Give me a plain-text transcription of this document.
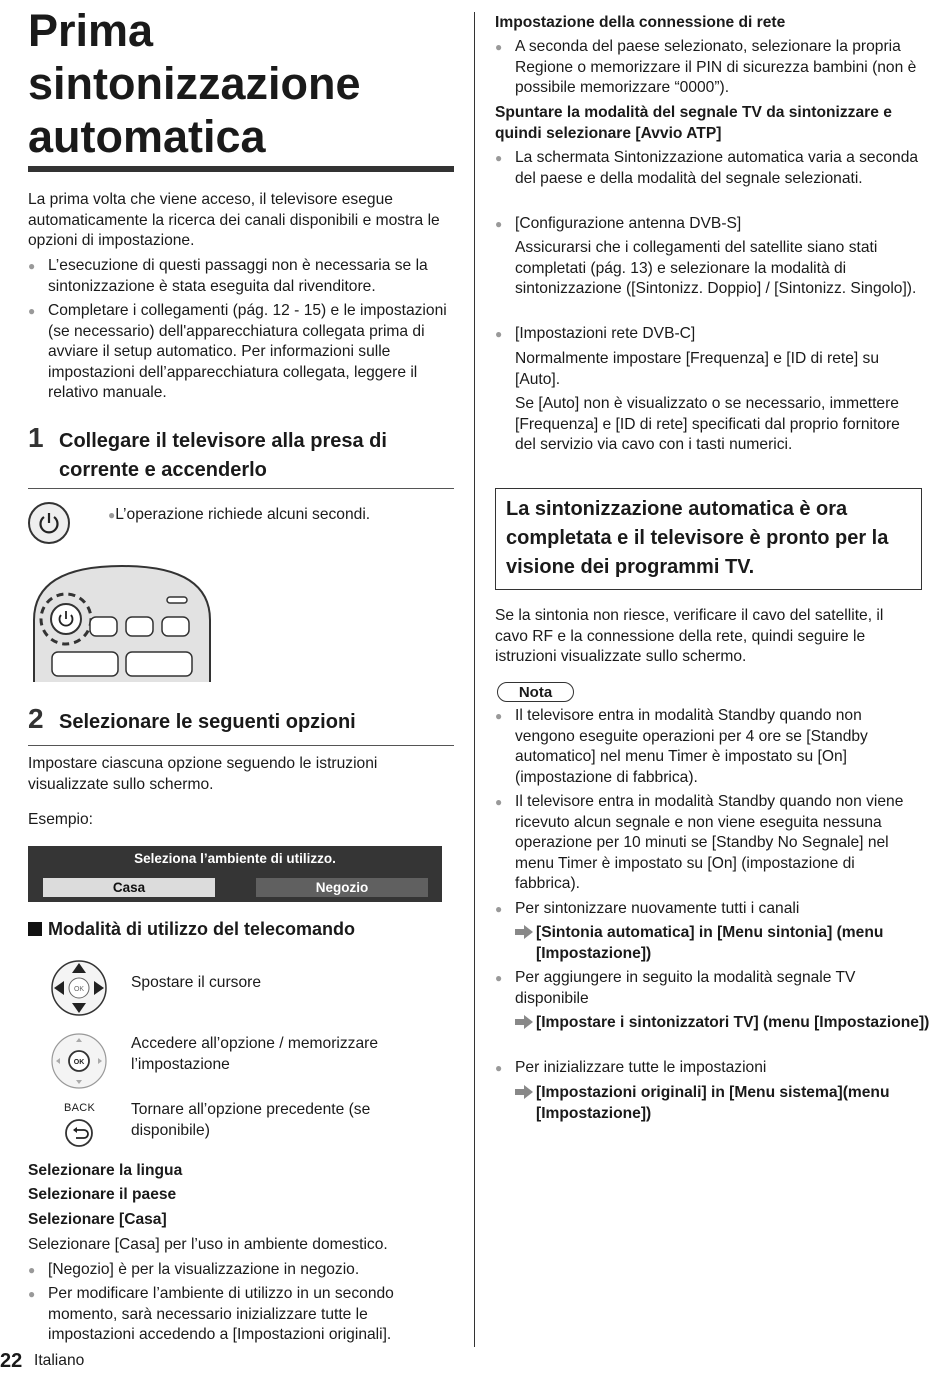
Prima
sintonizzazione
automatica

La prima volta che viene acceso, il televisore esegue automaticamente la ricerca dei canali disponibili e mostra le opzioni di impostazione.

● L’esecuzione di questi passaggi non è necessaria se la sintonizzazione è stata eseguita dal rivenditore.

● Completare i collegamenti (pág. 12 - 15) e le impostazioni (se necessario) dell'apparecchiatura collegata prima di avviare il setup automatico. Per informazioni sulle impostazioni dell’apparecchiatura collegata, leggere il relativo manuale.

1 Collegare il televisore alla presa di
corrente e accenderlo

●L’operazione richiede alcuni secondi.

2 Selezionare le seguenti opzioni

Impostare ciascuna opzione seguendo le istruzioni visualizzate sullo schermo.

Esempio:

Seleziona l’ambiente di utilizzo.
Casa	Negozio
Modalità di utilizzo del telecomando
OK	Spostare il cursore
OK
Accedere all’opzione / memorizzare l’impostazione
BACK Tornare all’opzione precedente (se disponibile)

Selezionare la lingua

Selezionare il paese

Selezionare [Casa]

Selezionare [Casa] per l’uso in ambiente domestico.

● [Negozio] è per la visualizzazione in negozio.

● Per modificare l’ambiente di utilizzo in un secondo momento, sarà necessario inizializzare tutte le impostazioni accedendo a [Impostazioni originali].

Impostazione della connessione di rete

● A seconda del paese selezionato, selezionare la propria Regione o memorizzare il PIN di sicurezza bambini (non è possibile memorizzare “0000”).

Spuntare la modalità del segnale TV da sintonizzare e quindi selezionare [Avvio ATP]

● La schermata Sintonizzazione automatica varia a seconda del paese e della modalità del segnale selezionati.

● [Configurazione antenna DVB-S]

Assicurarsi che i collegamenti del satellite siano stati completati (pág. 13) e selezionare la modalità di sintonizzazione ([Sintonizz. Doppio] / [Sintonizz. Singolo]).

● [Impostazioni rete DVB-C]

Normalmente impostare [Frequenza] e [ID di rete] su [Auto].

Se [Auto] non è visualizzato o se necessario, immettere [Frequenza] e [ID di rete] specificati dal proprio fornitore del servizio via cavo con i tasti numerici.

La sintonizzazione automatica è ora completata e il televisore è pronto per la visione dei programmi TV.

Se la sintonia non riesce, verificare il cavo del satellite, il cavo RF e la connessione della rete, quindi seguire le istruzioni visualizzate sullo schermo.

Nota

● Il televisore entra in modalità Standby quando non vengono eseguite operazioni per 4 ore se [Standby automatico] nel menu Timer è impostato su [On] (impostazione di fabbrica).

● Il televisore entra in modalità Standby quando non viene ricevuto alcun segnale e non viene eseguita nessuna operazione per 10 minuti se [Standby No Segnale] nel menu Timer è impostato su [On] (impostazione di fabbrica).

● Per sintonizzare nuovamente tutti i canali

[Sintonia automatica] in [Menu sintonia] (menu [Impostazione])

● Per aggiungere in seguito la modalità segnale TV disponibile

[Impostare i sintonizzatori TV] (menu [Impostazione])

● Per inizializzare tutte le impostazioni

[Impostazioni originali] in [Menu sistema](menu [Impostazione])
22 Italiano
